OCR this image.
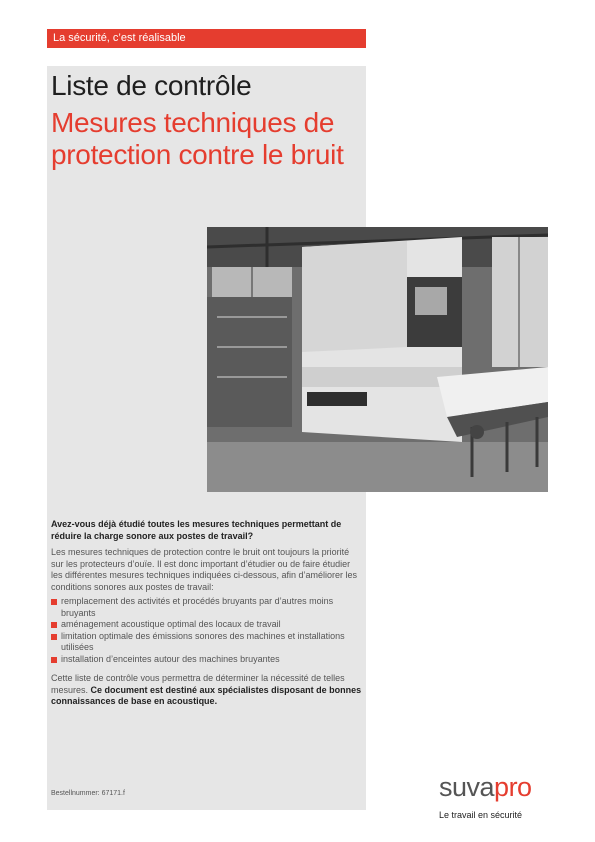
La sécurité, c’est réalisable
Liste de contrôle
Mesures techniques de protection contre le bruit

Avez-vous déjà étudié toutes les mesures techniques permettant de réduire la charge sonore aux postes de travail?

Les mesures techniques de protection contre le bruit ont toujours la priorité sur les protecteurs d’ouïe. Il est donc important d’étudier ou de faire étudier les différentes mesures techniques indiquées ci-dessous, afin d’améliorer les conditions sonores aux postes de travail:

remplacement des activités et procédés bruyants par d’autres moins bruyants
aménagement acoustique optimal des locaux de travail
limitation optimale des émissions sonores des machines et installations utilisées
installation d’enceintes autour des machines bruyantes

Cette liste de contrôle vous permettra de déterminer la nécessité de telles mesures. Ce document est destiné aux spécialistes disposant de bonnes connaissances de base en acoustique.

Bestellnummer: 67171.f	suvapro
Le travail en sécurité
